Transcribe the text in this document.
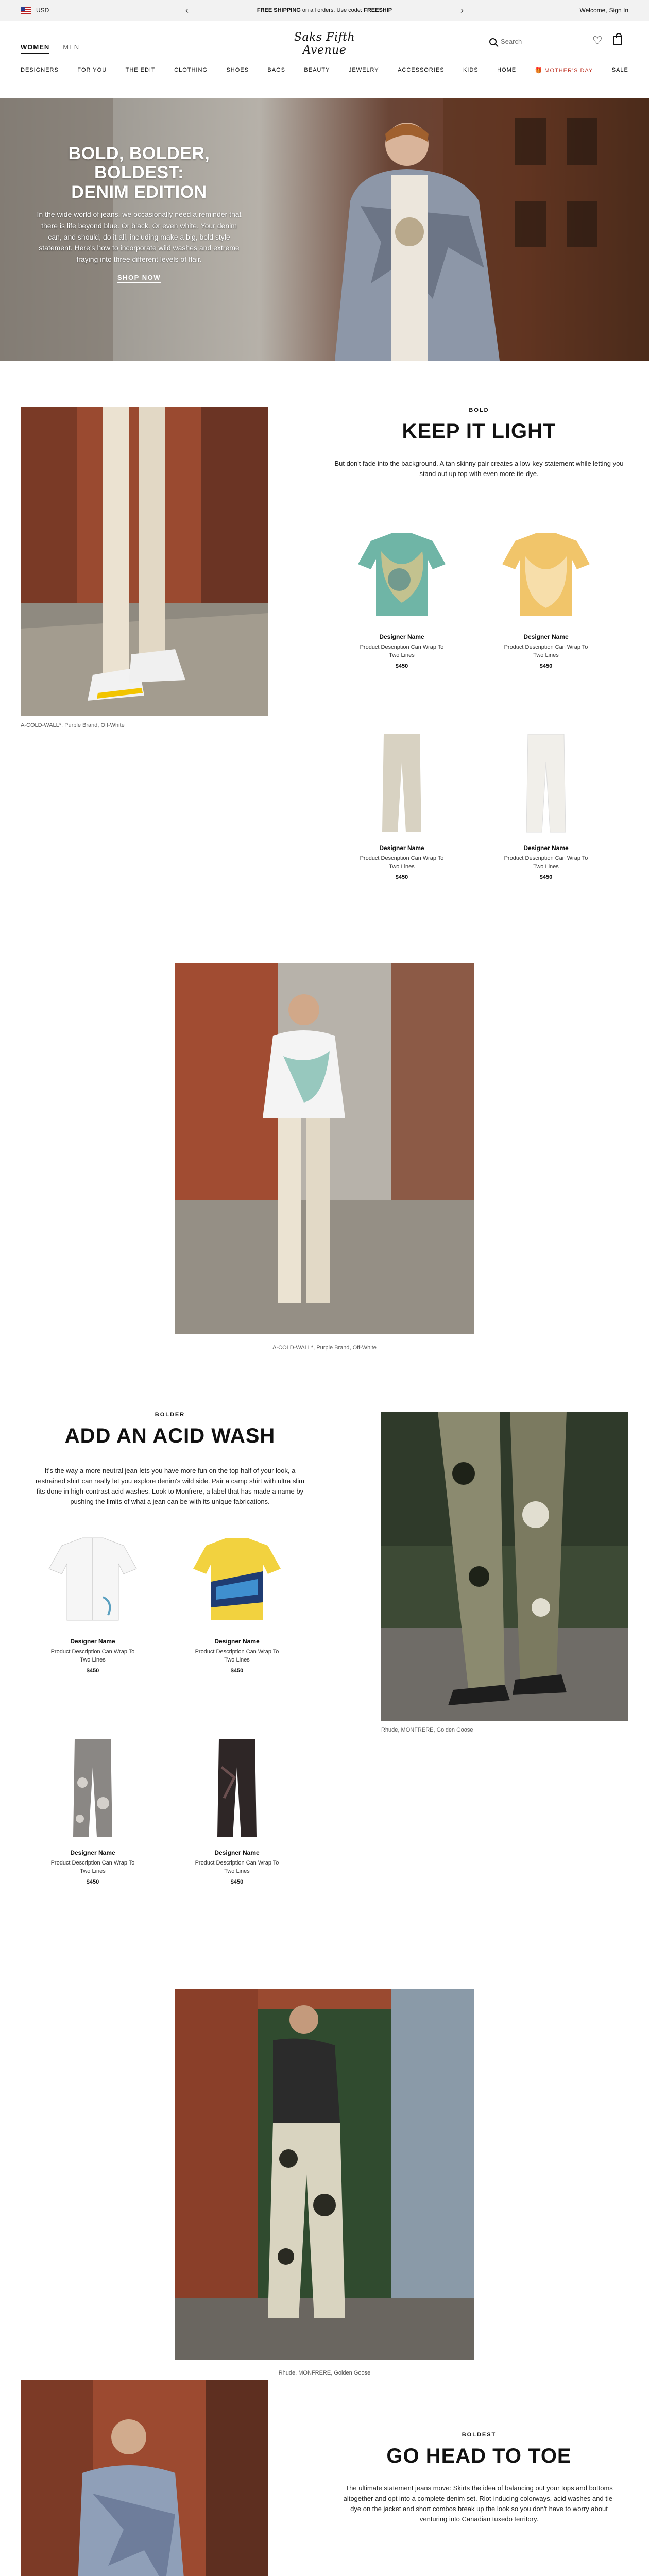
USD	‹	FREE SHIPPING on all orders. Use code: FREESHIP	›	Welcome, Sign In
WOMEN MEN
Saks Fifth Avenue
Search
♡
DESIGNERS	FOR YOU	THE EDIT	CLOTHING	SHOES	BAGS	BEAUTY	JEWELRY	ACCESSORIES	KIDS	HOME	🎁 MOTHER'S DAY	SALE
BOLD, BOLDER, BOLDEST:
DENIM EDITION

In the wide world of jeans, we occasionally need a reminder that there is life beyond blue. Or black. Or even white. Your denim can, and should, do it all, including make a big, bold style statement. Here's how to incorporate wild washes and extreme fraying into three different levels of flair.

SHOP NOW
A-COLD-WALL*, Purple Brand, Off-White
BOLD
KEEP IT LIGHT

But don't fade into the background. A tan skinny pair creates a low-key statement while letting you stand out up top with even more tie-dye.

Designer Name
Product Description Can Wrap To
Two Lines
$450
Designer Name
Product Description Can Wrap To
Two Lines
$450
Designer Name
Product Description Can Wrap To
Two Lines
$450
Designer Name
Product Description Can Wrap To
Two Lines
$450
A-COLD-WALL*, Purple Brand, Off-White
BOLDER
ADD AN ACID WASH

It's the way a more neutral jean lets you have more fun on the top half of your look, a restrained shirt can really let you explore denim's wild side. Pair a camp shirt with ultra slim fits done in high-contrast acid washes. Look to Monfrere, a label that has made a name by pushing the limits of what a jean can be with its unique fabrications.

Designer Name
Product Description Can Wrap To
Two Lines
$450
Designer Name
Product Description Can Wrap To
Two Lines
$450
Designer Name
Product Description Can Wrap To
Two Lines
$450
Designer Name
Product Description Can Wrap To
Two Lines
$450
Rhude, MONFRERE, Golden Goose
Rhude, MONFRERE, Golden Goose
BOLDEST
GO HEAD TO TOE

The ultimate statement jeans move: Skirts the idea of balancing out your tops and bottoms altogether and opt into a complete denim set. Riot-inducing colorways, acid washes and tie-dye on the jacket and short combos break up the look so you don't have to worry about venturing into Canadian tuxedo territory.
